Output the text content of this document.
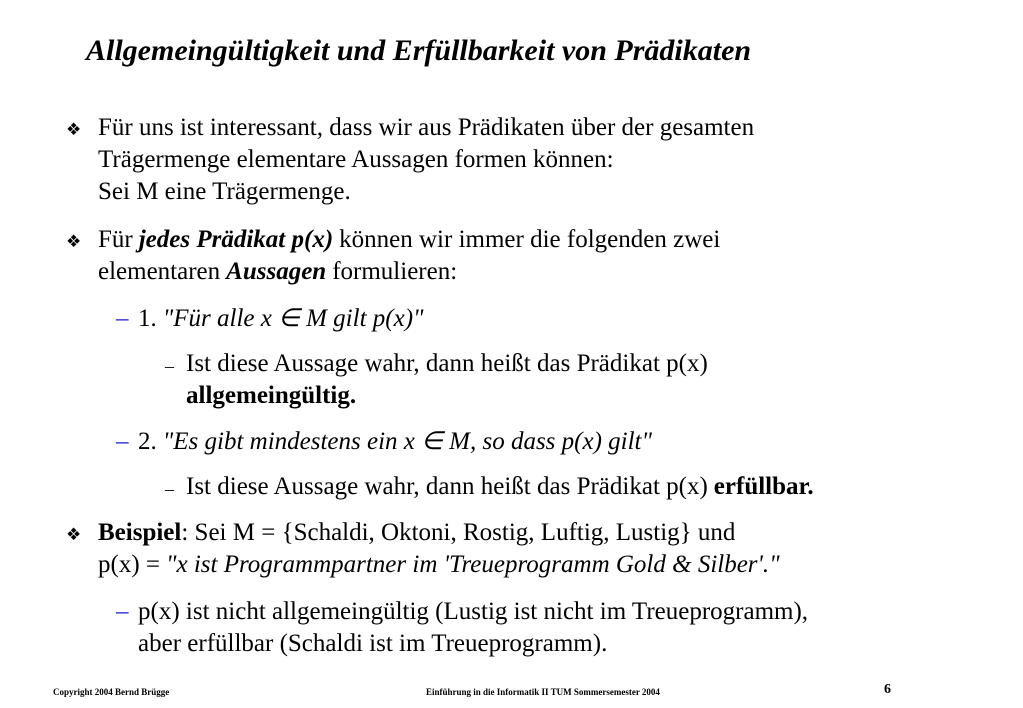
Allgemeingültigkeit und Erfüllbarkeit von Prädikaten
❖ Für uns ist interessant, dass wir aus Prädikaten über der gesamten
Trägermenge elementare Aussagen formen können:
Sei M eine Trägermenge.
❖ Für jedes Prädikat p(x) können wir immer die folgenden zwei
elementaren Aussagen formulieren:
– 1. "Für alle x ∈ M gilt p(x)"
– Ist diese Aussage wahr, dann heißt das Prädikat p(x)
allgemeingültig.
– 2. "Es gibt mindestens ein x ∈ M, so dass p(x) gilt"
– Ist diese Aussage wahr, dann heißt das Prädikat p(x) erfüllbar.
❖ Beispiel: Sei M = {Schaldi, Oktoni, Rostig, Luftig, Lustig} und
p(x) = "x ist Programmpartner im 'Treueprogramm Gold & Silber'."
– p(x) ist nicht allgemeingültig (Lustig ist nicht im Treueprogramm),
aber erfüllbar (Schaldi ist im Treueprogramm).
Copyright 2004 Bernd Brügge	Einführung in die Informatik II TUM Sommersemester 2004	6
